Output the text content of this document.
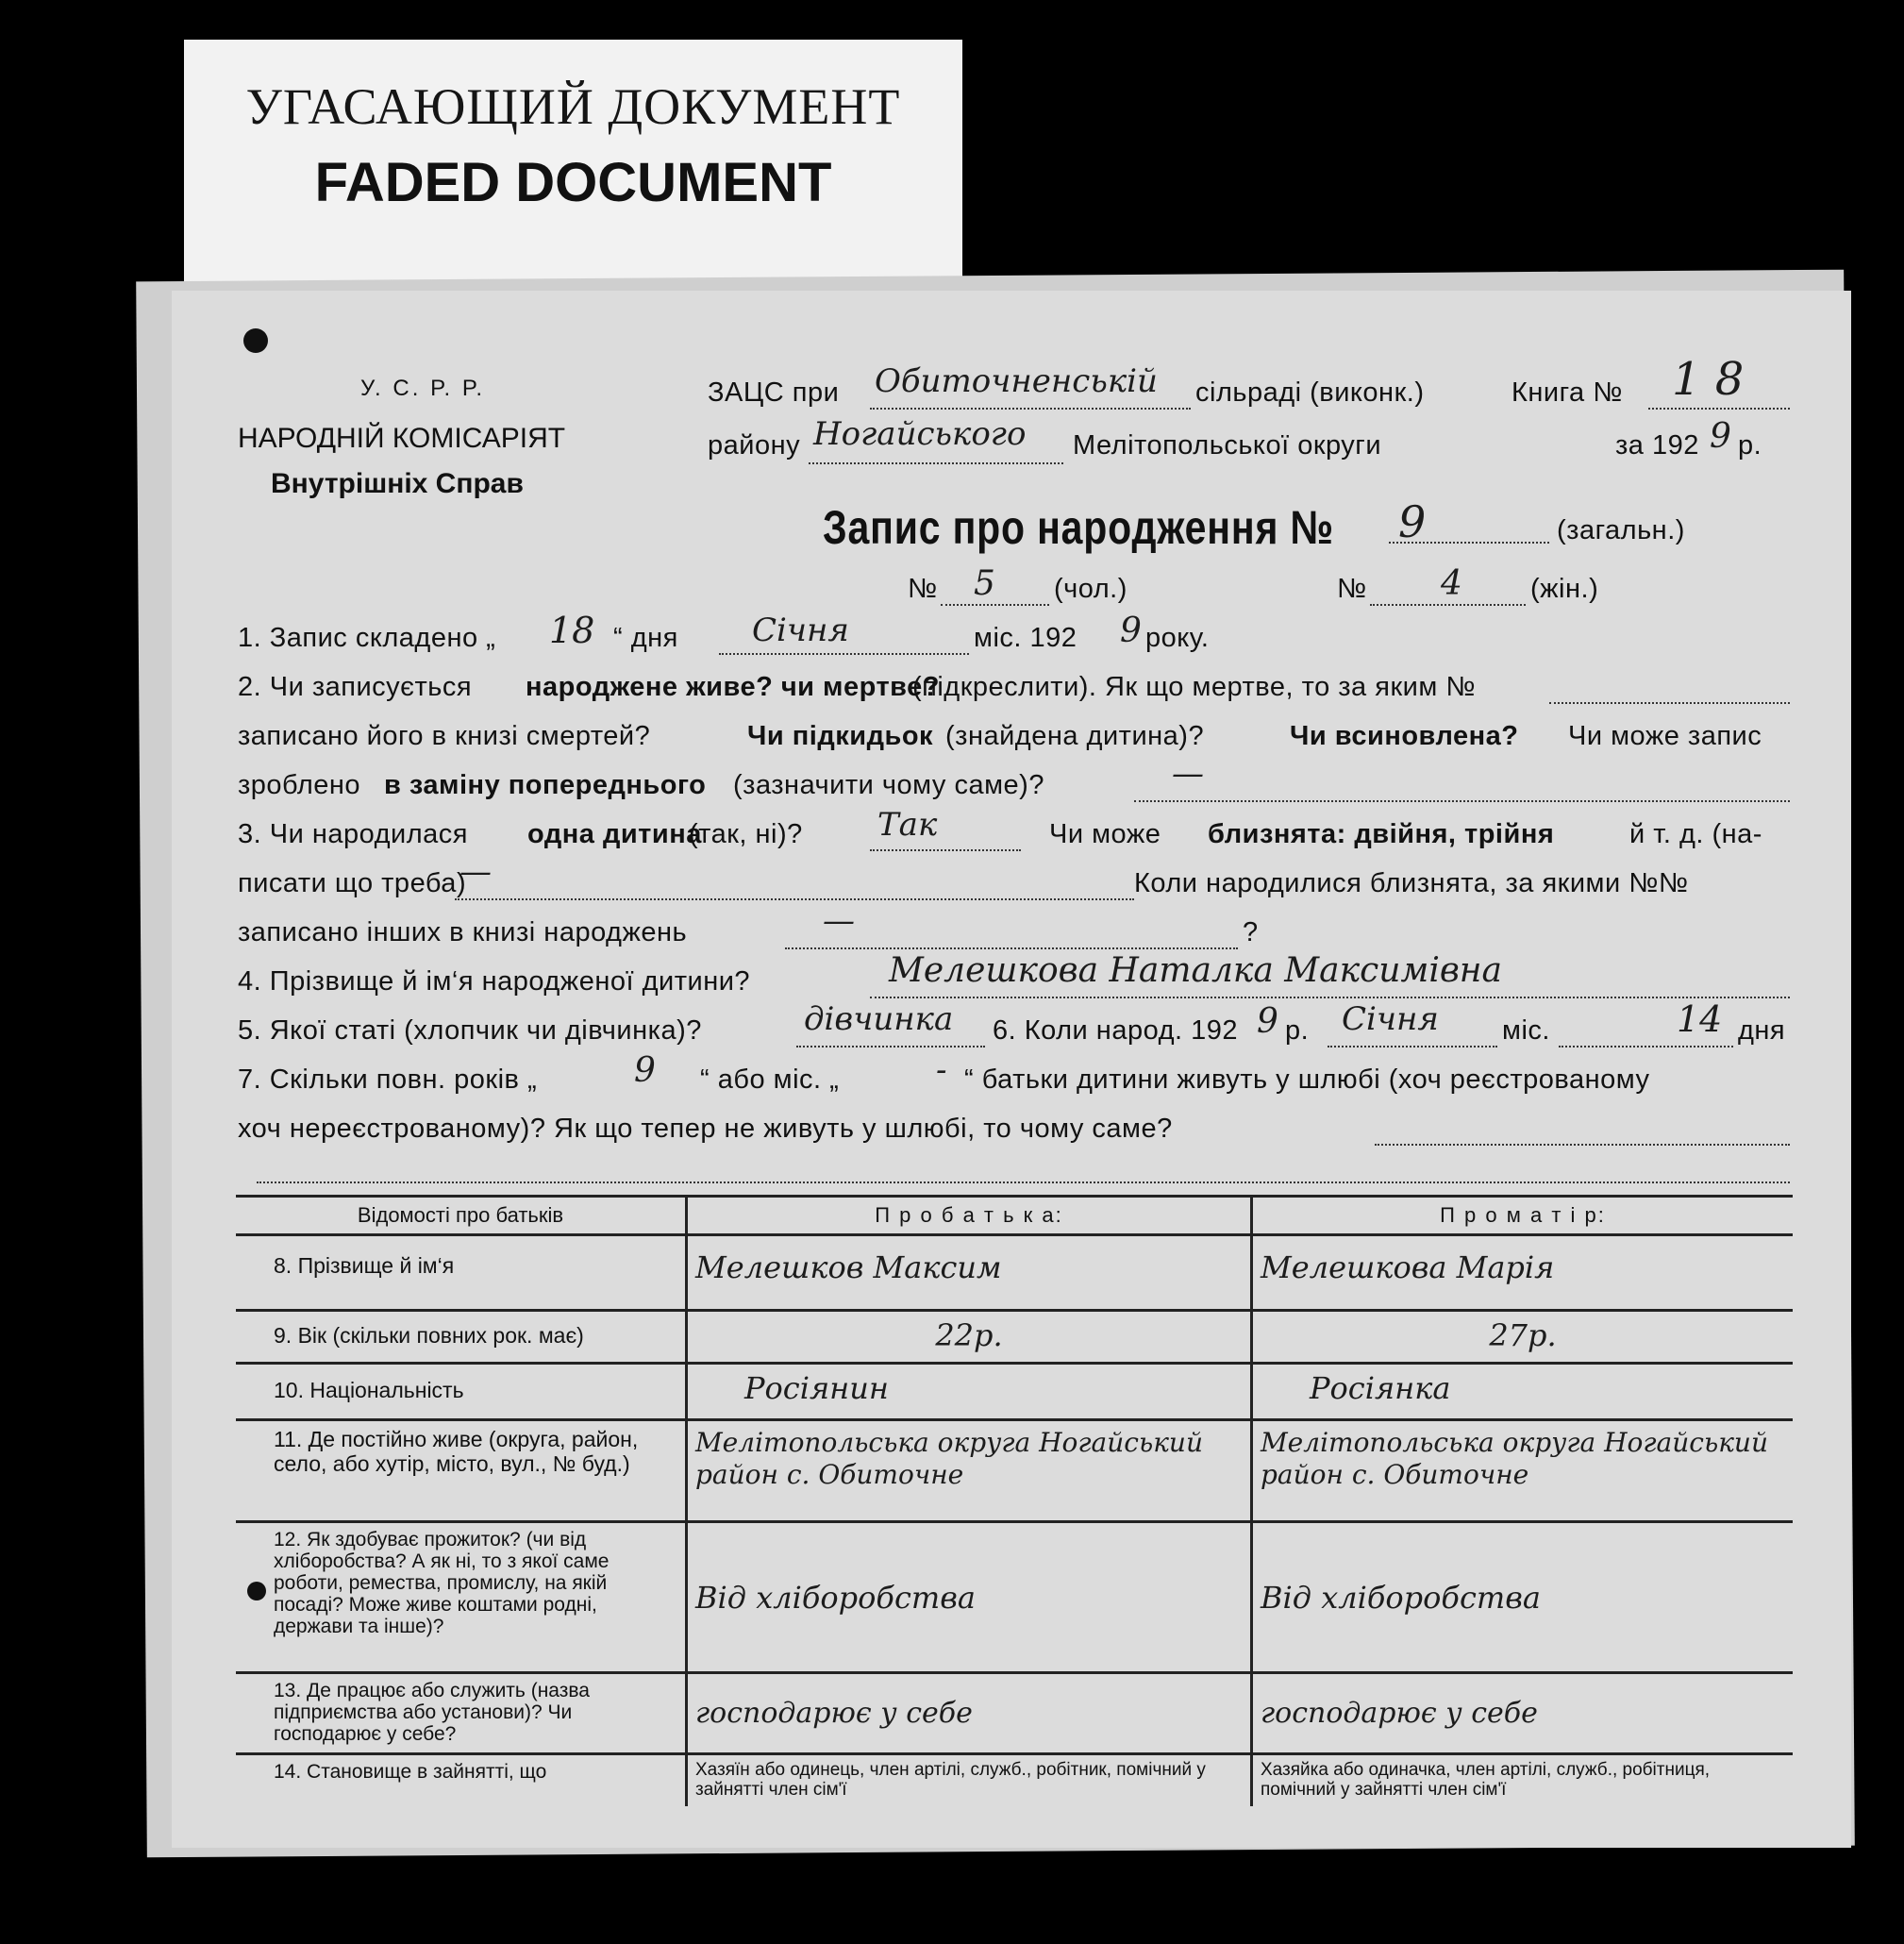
УГАСАЮЩИЙ ДОКУМЕНТ
FADED DOCUMENT
У. С. Р. Р.
НАРОДНІЙ КОМІСАРІЯТ
Внутрішніх Справ
ЗАЦС при Обиточненській сільраді (виконк.)	Книга № 1 8
району Ногайського Мелітопольської округи	за 192 9 р.
Запис про народження № 9	(загальн.)
№ 5 (чол.)	№ 4 (жін.)
1. Запис складено „ 18 “ дня Січня	міс. 192 9 року.
2. Чи записується народжене живе? чи мертве?
(підкреслити). Як що мертве, то за яким №
записано його в книзі смертей?	Чи підкидьок (знайдена дитина)?	Чи всиновлена? Чи може запис
зроблено в заміну попереднього (зазначити чому саме)?	—
3. Чи народилася одна дитина
(так, ні)? Так	Чи може близнята: двійня, трійня	й т. д. (на-
писати що треба)
—	Коли народилися близнята, за якими №№
записано інших в книзі народжень	—	?
4. Прізвище й ім‘я народженої дитини?	Мелешкова Наталка Максимівна
5. Якої статі (хлопчик чи дівчинка)?	дівчинка 6. Коли народ. 192 9 р. Січня міс.	14 дня
7. Скільки повн. років „	9 “ або міс. „	- “ батьки дитини живуть у шлюбі (хоч реєстрованому
хоч нереєстрованому)? Як що тепер не живуть у шлюбі, то чому саме?
Відомості про батьків	П р о б а т ь к а:	П р о м а т і р:
8. Прізвище й ім‘я	Мелешков Максим	Мелешкова Марія
9. Вік (скільки повних рок. має)	22р.	27р.
10. Національність	Росіянин	Росіянка
11. Де постійно живе (округа, район, село, або хутір, місто, вул., № буд.)	Мелітопольська округа Ногайський район с. Обиточне	Мелітопольська округа Ногайський район с. Обиточне
12. Як здобуває прожиток? (чи від хліборобства? А як ні, то з якої саме роботи, ремества, промислу, на якій посаді? Може живе коштами родні, держави та інше)?	Від хліборобства	Від хліборобства
13. Де працює або служить (назва підприємства або установи)? Чи господарює у себе?	господарює у себе	господарює у себе
14. Становище в зайнятті, що	Хазяїн або одинець, член артілі, служб., робітник, помічний у зайнятті член сім'ї	Хазяйка або одиначка, член артілі, служб., робітниця, помічний у зайнятті член сім'ї
